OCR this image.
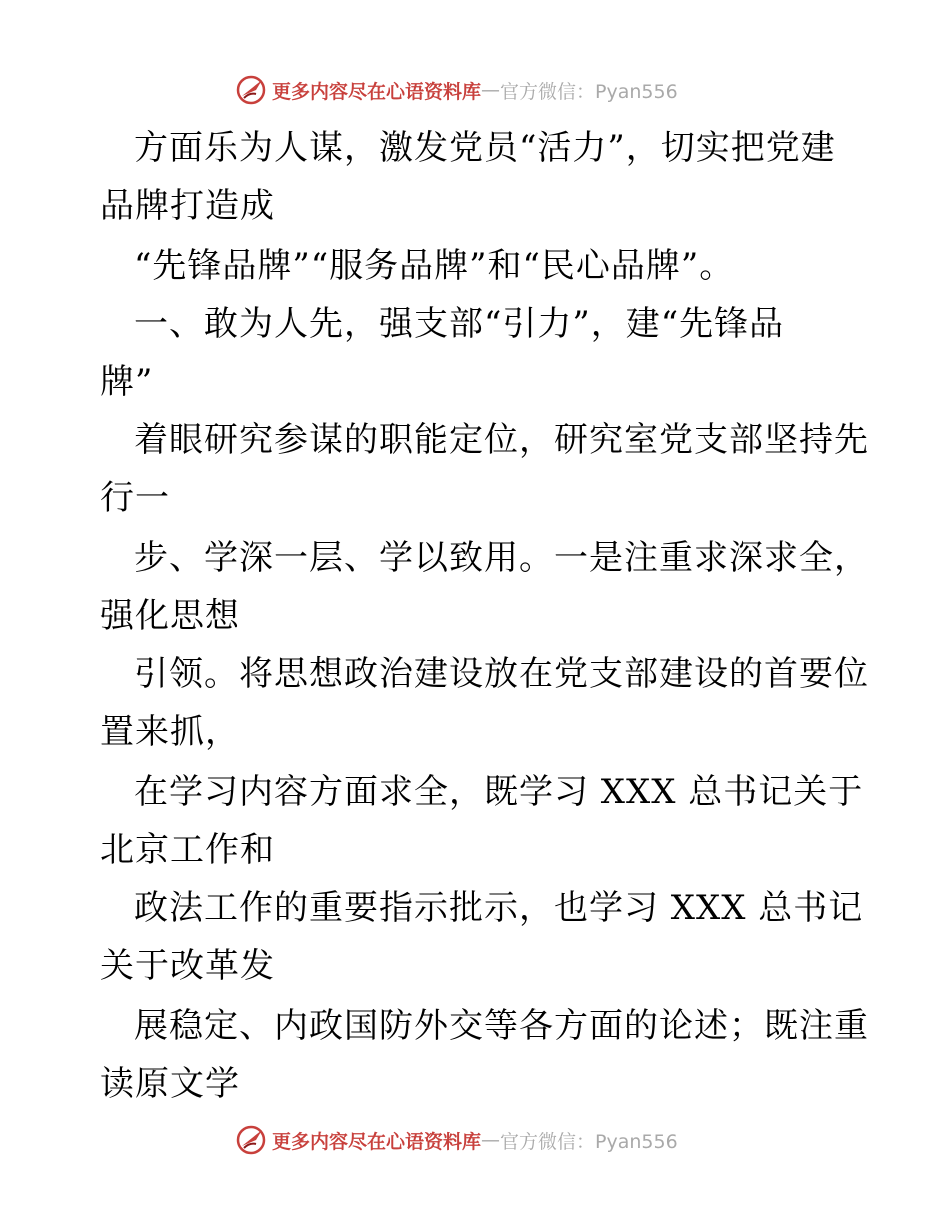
更多内容尽在心语资料库 — 官方微信：Pyan556
方面乐为人谋，激发党员“活力”，切实把党建
品牌打造成
“先锋品牌”“服务品牌”和“民心品牌”。
一、敢为人先，强支部“引力”，建“先锋品
牌”
着眼研究参谋的职能定位，研究室党支部坚持先
行一
步、学深一层、学以致用。一是注重求深求全，
强化思想
引领。将思想政治建设放在党支部建设的首要位
置来抓，
在学习内容方面求全，既学习 XXX 总书记关于
北京工作和
政法工作的重要指示批示，也学习 XXX 总书记
关于改革发
展稳定、内政国防外交等各方面的论述；既注重
读原文学
更多内容尽在心语资料库 — 官方微信：Pyan556
